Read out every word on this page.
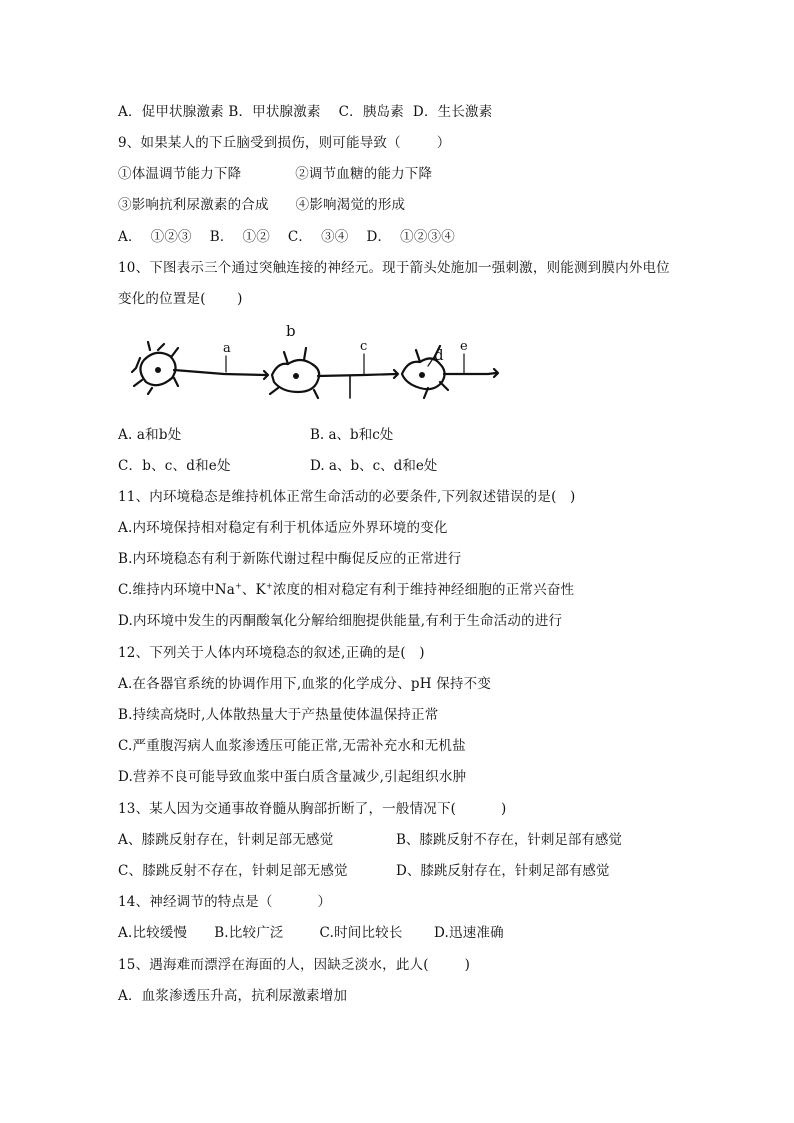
A．促甲状腺激素 B．甲状腺激素    C．胰岛素  D．生长激素
9、如果某人的下丘脑受到损伤，则可能导致（        ）
①体温调节能力下降            ②调节血糖的能力下降
③影响抗利尿激素的合成      ④影响渴觉的形成
A．  ①②③    B．  ①②    C．  ③④    D．  ①②③④
10、下图表示三个通过突触连接的神经元。现于箭头处施加一强刺激，则能测到膜内外电位
变化的位置是(       )
a
b
c	d e
A. a和b处	B. a、b和c处
C．b、c、d和e处	D. a、b、c、d和e处
11、内环境稳态是维持机体正常生命活动的必要条件,下列叙述错误的是(   )
A.内环境保持相对稳定有利于机体适应外界环境的变化
B.内环境稳态有利于新陈代谢过程中酶促反应的正常进行
C.维持内环境中Na+、K+浓度的相对稳定有利于维持神经细胞的正常兴奋性
D.内环境中发生的丙酮酸氧化分解给细胞提供能量,有利于生命活动的进行
12、下列关于人体内环境稳态的叙述,正确的是(   )
A.在各器官系统的协调作用下,血浆的化学成分、pH 保持不变
B.持续高烧时,人体散热量大于产热量使体温保持正常
C.严重腹泻病人血浆渗透压可能正常,无需补充水和无机盐
D.营养不良可能导致血浆中蛋白质含量减少,引起组织水肿
13、某人因为交通事故脊髓从胸部折断了，一般情况下(          )
A、膝跳反射存在，针刺足部无感觉	B、膝跳反射不存在，针刺足部有感觉
C、膝跳反射不存在，针刺足部无感觉	D、膝跳反射存在，针刺足部有感觉
14、神经调节的特点是（          ）
A.比较缓慢      B.比较广泛        C.时间比较长       D.迅速准确
15、遇海难而漂浮在海面的人，因缺乏淡水，此人(        )
A．血浆渗透压升高，抗利尿激素增加
